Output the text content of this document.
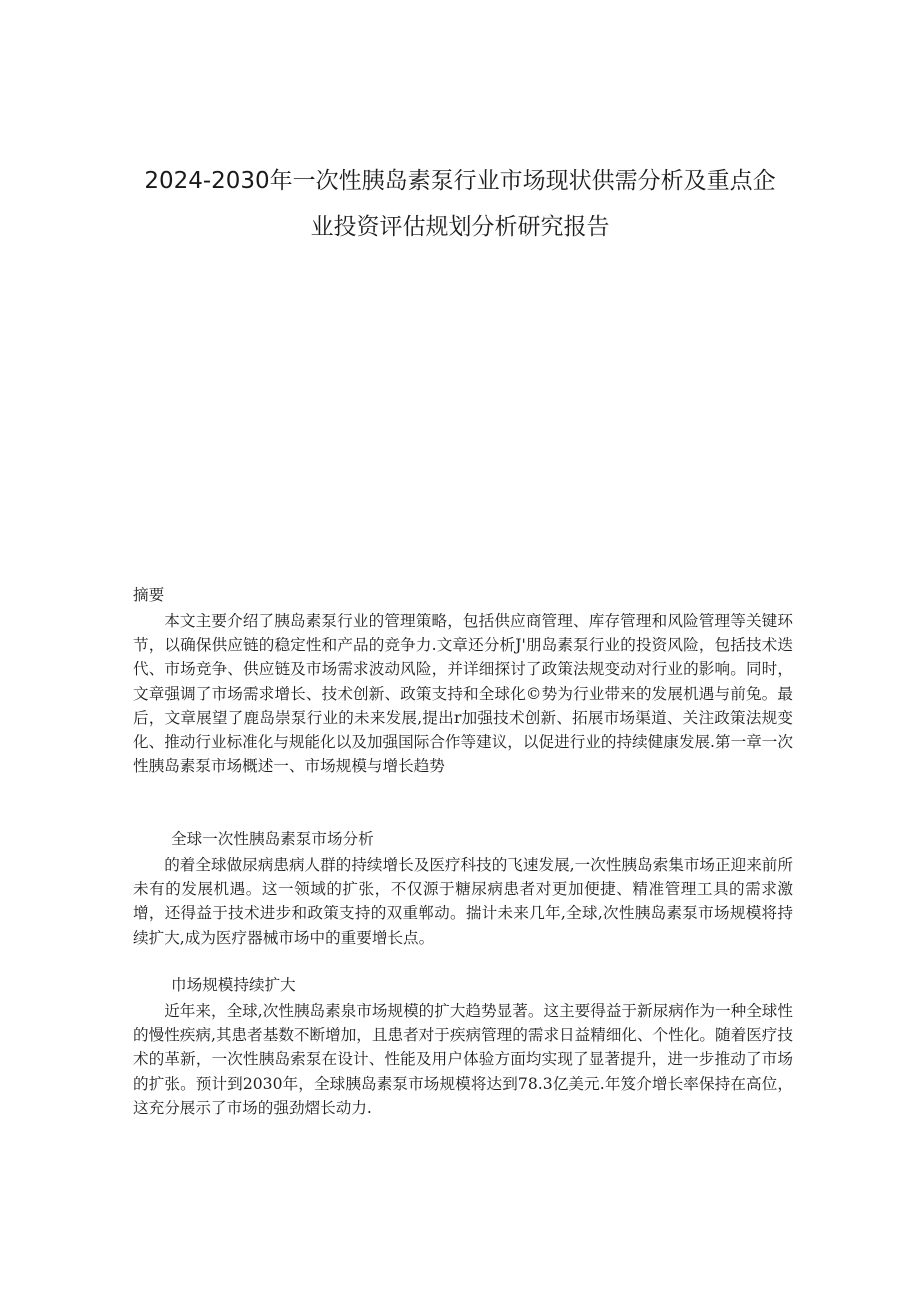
2024-2030年一次性胰岛素泵行业市场现状供需分析及重点企
业投资评估规划分析研究报告
摘要

本文主要介绍了胰岛素泵行业的管理策略，包括供应商管理、库存管理和风险管理等关键环节，以确保供应链的稳定性和产品的竞争力.文章还分析J'朋岛素泵行业的投资风险，包括技术迭代、市场竞争、供应链及市场需求波动风险，并详细探讨了政策法规变动对行业的影响。同时，文章强调了市场需求增长、技术创新、政策支持和全球化©势为行业带来的发展机遇与前兔。最后，文章展望了鹿岛崇泵行业的未来发展,提出r加强技术创新、拓展市场渠道、关注政策法规变化、推动行业标准化与规能化以及加强国际合作等建议，以促进行业的持续健康发展.第一章一次性胰岛素泵市场概述一、市场规模与增长趋势

全球一次性胰岛素泵市场分析

的着全球做尿病患病人群的持续增长及医疗科技的飞速发展,一次性胰岛索集市场正迎来前所未有的发展机遇。这一领域的扩张，不仅源于糖尿病患者对更加便捷、精准管理工具的需求激增，还得益于技术进步和政策支持的双重郸动。揣计未来几年,全球,次性胰岛素泵市场规模将持续扩大,成为医疗器械市场中的重要增长点。

巾场规模持续扩大

近年来，全球,次性胰岛素泉市场规模的扩大趋势显著。这主要得益于新尿病作为一种全球性的慢性疾病,其患者基数不断增加，且患者对于疾病管理的需求日益精细化、个性化。随着医疗技术的革新，一次性胰岛索泵在设计、性能及用户体验方面均实现了显著提升，进一步推动了市场的扩张。预计到2030年，全球胰岛素泵市场规模将达到78.3亿美元.年笈介增长率保持在高位，这充分展示了市场的强劲熠长动力.
